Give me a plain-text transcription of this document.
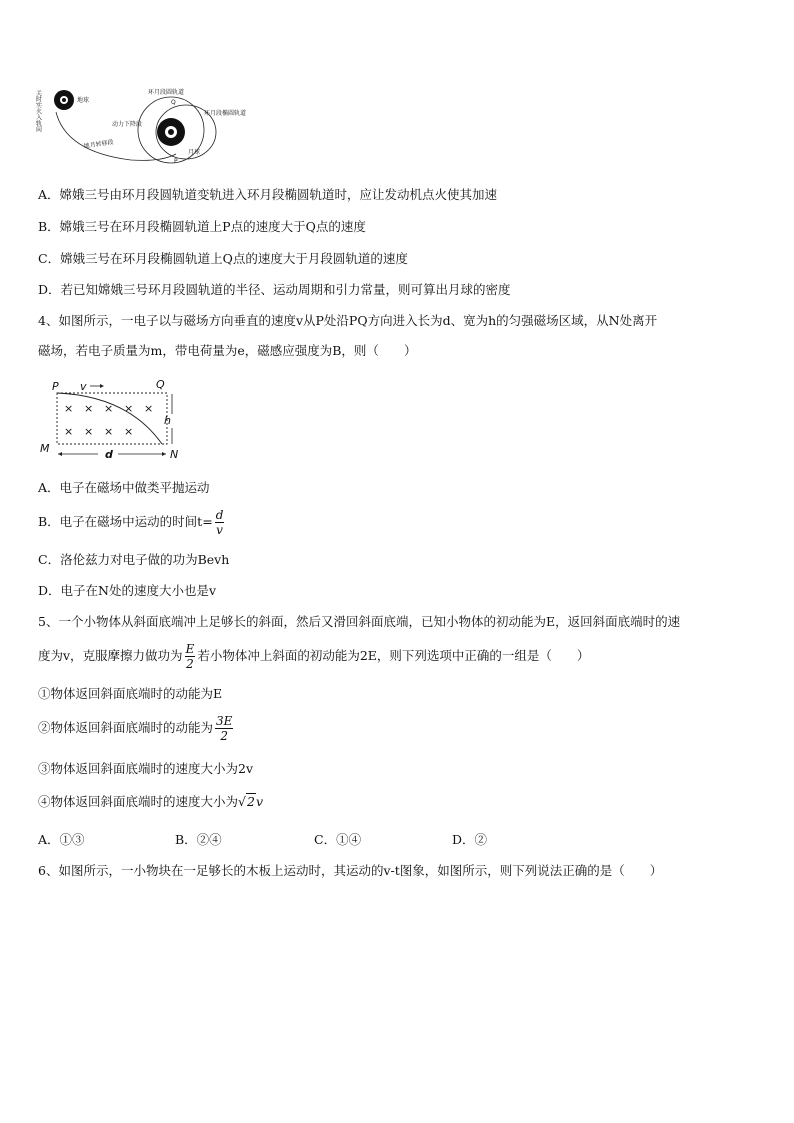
关时实火入轨间	地球
地月转移段
环月段圆轨道
环月段椭圆轨道
动力下降段
月球
Q
P
A．嫦娥三号由环月段圆轨道变轨进入环月段椭圆轨道时，应让发动机点火使其加速
B．嫦娥三号在环月段椭圆轨道上P点的速度大于Q点的速度
C．嫦娥三号在环月段椭圆轨道上Q点的速度大于月段圆轨道的速度
D．若已知嫦娥三号环月段圆轨道的半径、运动周期和引力常量，则可算出月球的密度
4、如图所示，一电子以与磁场方向垂直的速度v从P处沿PQ方向进入长为d、宽为h的匀强磁场区域，从N处离开
磁场，若电子质量为m，带电荷量为e，磁感应强度为B，则（　　）
P v	Q
M	N
d
h
× × × × ×
× × × ×
A．电子在磁场中做类平抛运动
B．电子在磁场中运动的时间$t= \frac{d}{v}$
C．洛伦兹力对电子做的功为Bevh
D．电子在N处的速度大小也是v
5、一个小物体从斜面底端冲上足够长的斜面，然后又滑回斜面底端，已知小物体的初动能为E，返回斜面底端时的速
度为v，克服摩擦力做功为 $\frac{E}{2}$ 若小物体冲上斜面的初动能为2E，则下列选项中正确的一组是（　　）
①物体返回斜面底端时的动能为E
②物体返回斜面底端时的动能为 $\frac{3E}{2}$
③物体返回斜面底端时的速度大小为2v
④物体返回斜面底端时的速度大小为√2v
A．①③	B．②④	C．①④	D．②
6、如图所示，一小物块在一足够长的木板上运动时，其运动的v-t图象，如图所示，则下列说法正确的是（　　）
